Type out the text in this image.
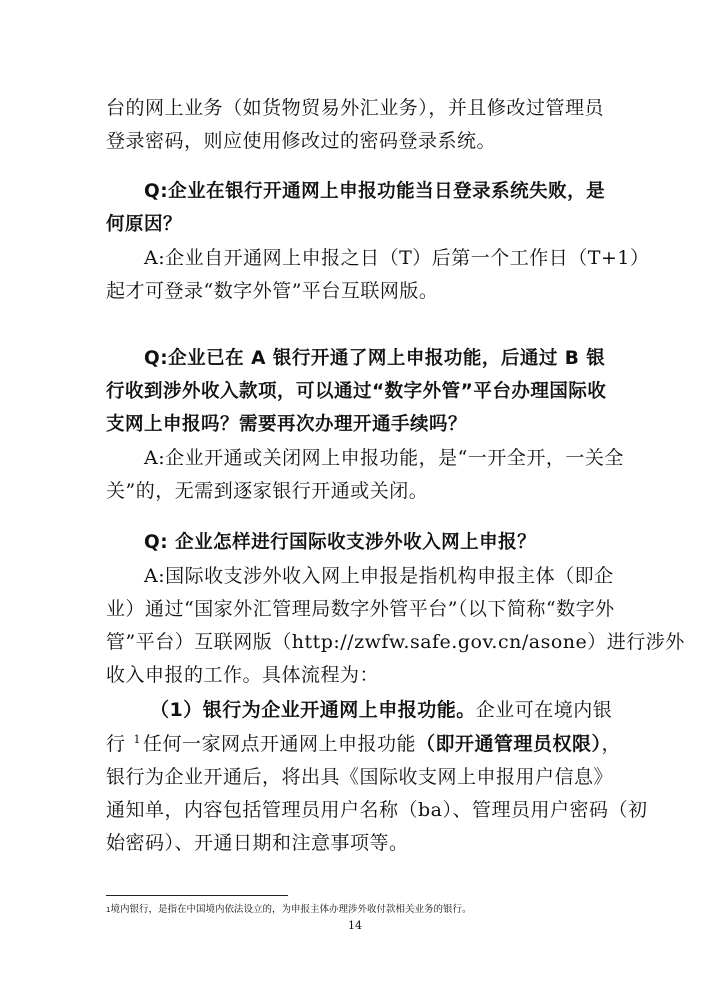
台的网上业务（如货物贸易外汇业务），并且修改过管理员
登录密码，则应使用修改过的密码登录系统。
Q:企业在银行开通网上申报功能当日登录系统失败，是
何原因？
A:企业自开通网上申报之日（T）后第一个工作日（T+1）
起才可登录“数字外管”平台互联网版。
Q:企业已在 A 银行开通了网上申报功能，后通过 B 银
行收到涉外收入款项，可以通过“数字外管”平台办理国际收
支网上申报吗？需要再次办理开通手续吗？
A:企业开通或关闭网上申报功能，是“一开全开，一关全
关”的，无需到逐家银行开通或关闭。
Q: 企业怎样进行国际收支涉外收入网上申报？
A:国际收支涉外收入网上申报是指机构申报主体（即企
业）通过“国家外汇管理局数字外管平台”（以下简称“数字外
管”平台）互联网版（http://zwfw.safe.gov.cn/asone）进行涉外
收入申报的工作。具体流程为：
（1）银行为企业开通网上申报功能。企业可在境内银
行 $^1$ 任何一家网点开通网上申报功能（即开通管理员权限），
银行为企业开通后，将出具《国际收支网上申报用户信息》
通知单，内容包括管理员用户名称（ba）、管理员用户密码（初
始密码）、开通日期和注意事项等。
$^1$境内银行，是指在中国境内依法设立的，为申报主体办理涉外收付款相关业务的银行。
14
